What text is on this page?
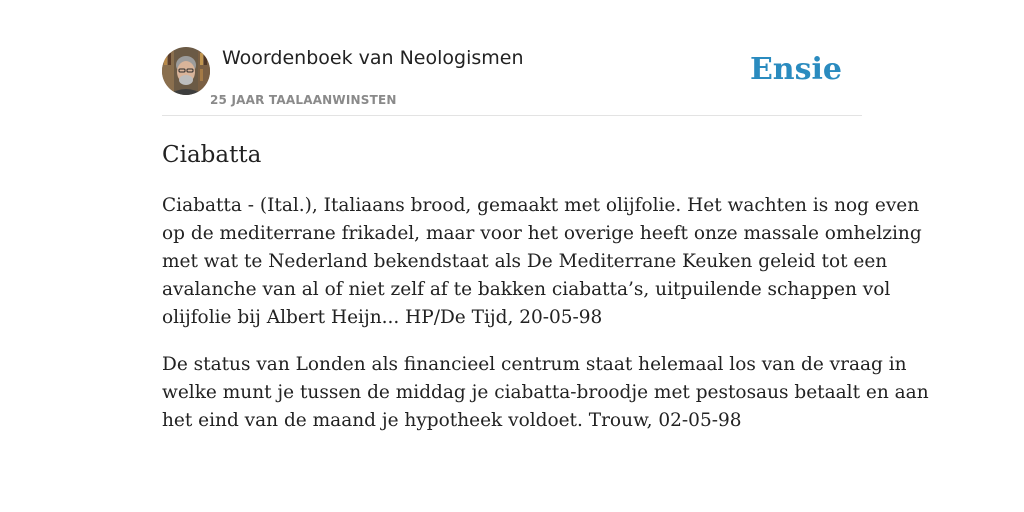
Woordenboek van Neologismen
25 JAAR TAALAANWINSTEN
Ensie
Ciabatta

Ciabatta - (Ital.), Italiaans brood, gemaakt met olijfolie. Het wachten is nog even
op de mediterrane frikadel, maar voor het overige heeft onze massale omhelzing
met wat te Nederland bekendstaat als De Mediterrane Keuken geleid tot een
avalanche van al of niet zelf af te bakken ciabatta’s, uitpuilende schappen vol
olijfolie bij Albert Heijn... HP/De Tijd, 20-05-98

De status van Londen als financieel centrum staat helemaal los van de vraag in
welke munt je tussen de middag je ciabatta-broodje met pestosaus betaalt en aan
het eind van de maand je hypotheek voldoet. Trouw, 02-05-98
